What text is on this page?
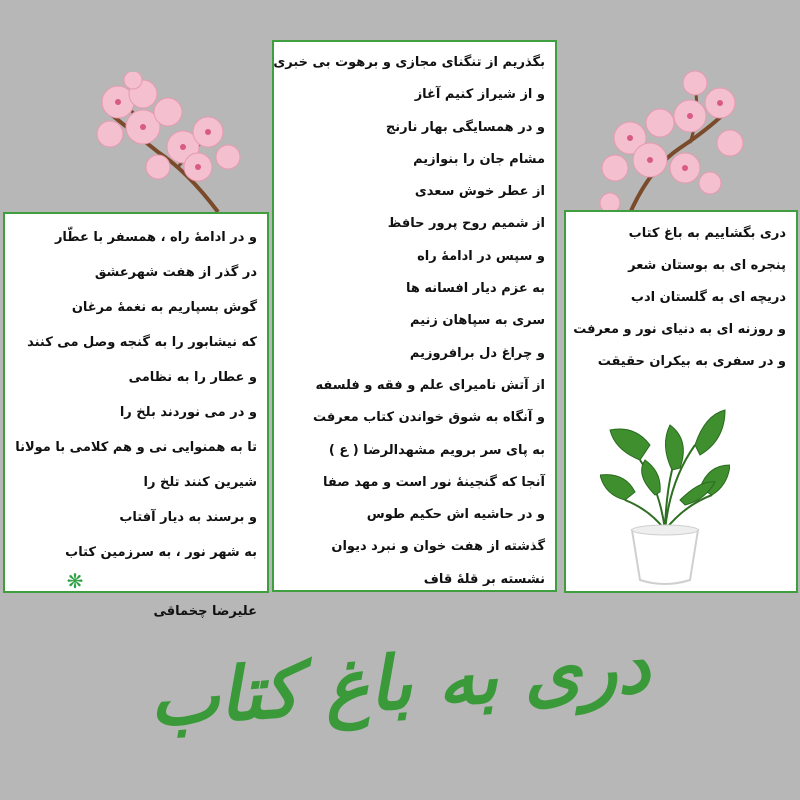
و در ادامهٔ راه ، همسفر با عطّار
در گذر از هفت شهرعشق
گوش بسپاریم به نغمهٔ مرغان
که نیشابور را به گنجه وصل می کنند
و عطار را به نظامی
و در می نوردند بلخ را
تا به همنوایی نی و هم کلامی با مولانا
شیرین کنند تلخ را
و برسند به دیار آفتاب
به شهر نور ، به سرزمین کتاب
❋
علیرضا چخماقی
بگذریم از تنگنای مجازی و برهوت بی خبری
و از شیراز کنیم آغاز
و در همسایگی بهار نارنج
مشام جان را بنوازیم
از عطر خوش سعدی
از شمیم روح پرور حافظ
و سپس در ادامهٔ راه
به عزم دیار افسانه ها
سری به سپاهان زنیم
و چراغ دل برافروزیم
از آتش نامیرای علم و فقه و فلسفه
و آنگاه به شوق خواندن کتاب معرفت
به پای سر برویم مشهدالرضا ( ع )
آنجا که گنجینهٔ نور است و مهد صفا
و در حاشیه اش حکیم طوس
گذشته از هفت خوان و نبرد دیوان
نشسته بر قلهٔ قاف
دری بگشاییم به باغ کتاب
پنجره ای به بوستان شعر
دریچه ای به گلستان ادب
و روزنه ای به دنیای نور و معرفت
و در سفری به بیکران حقیقت
دری به باغ کتاب
